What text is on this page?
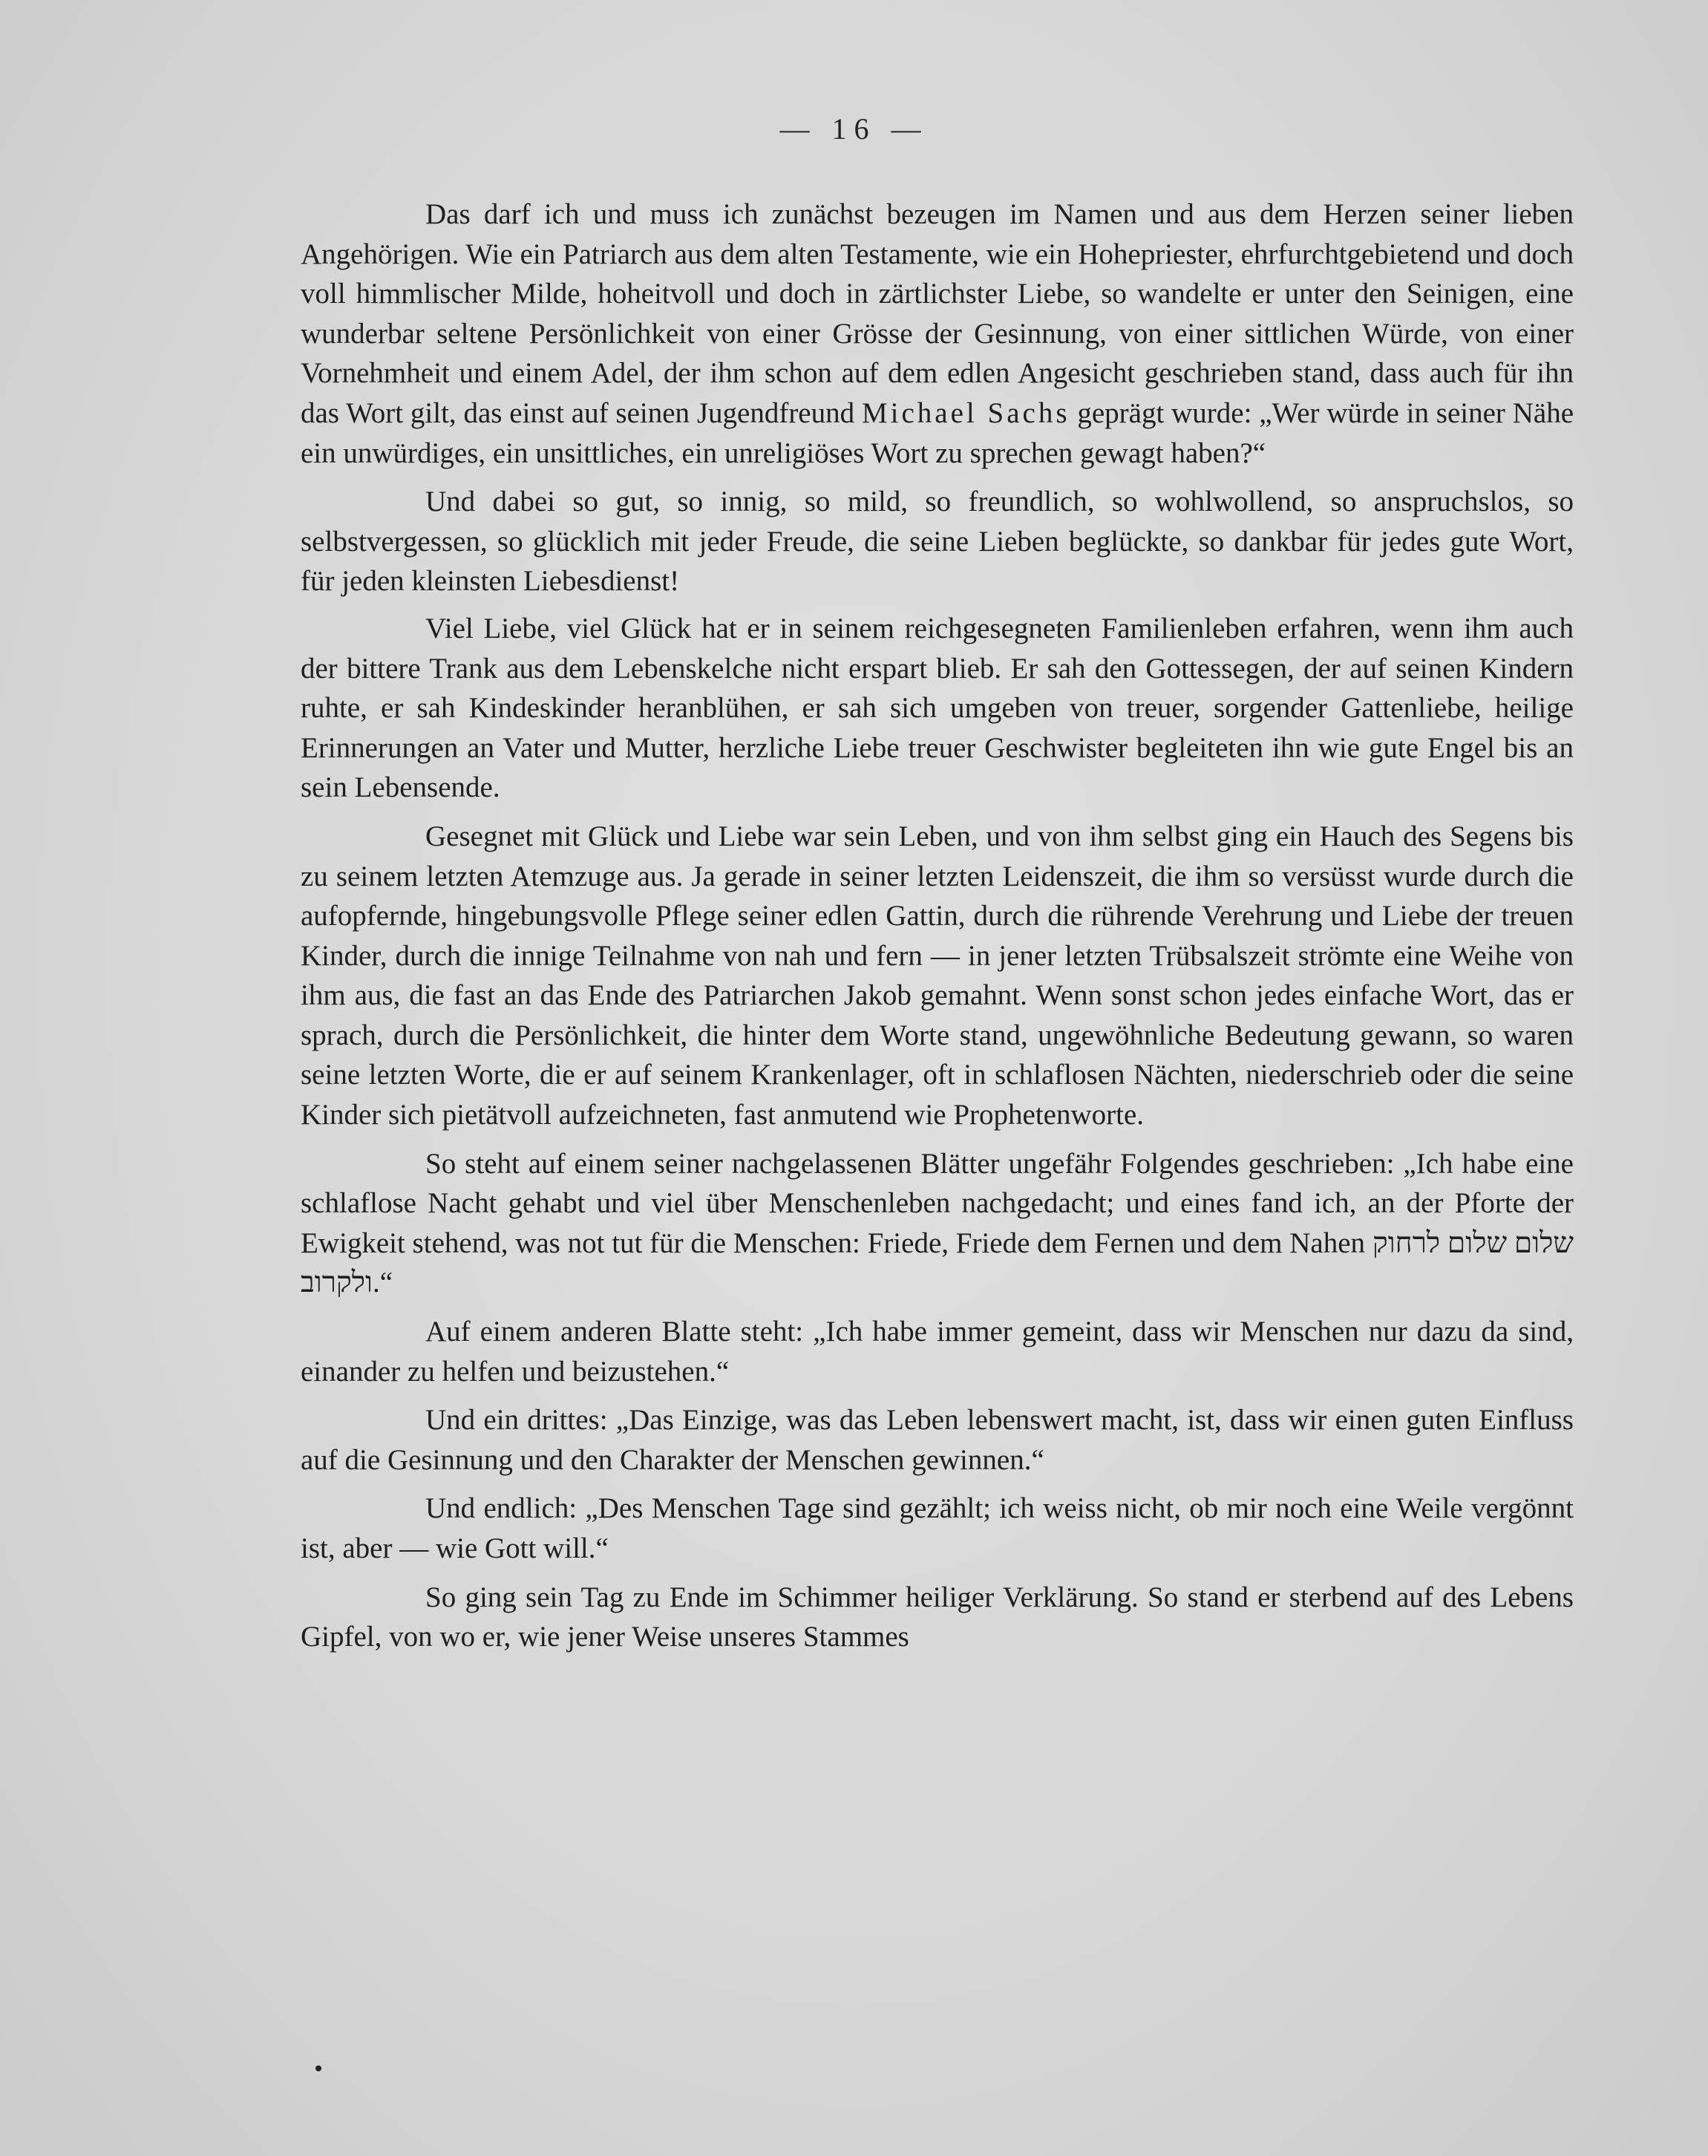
— 16 —

Das darf ich und muss ich zunächst bezeugen im Namen und aus dem Herzen seiner lieben Angehörigen. Wie ein Patriarch aus dem alten Testamente, wie ein Hohepriester, ehrfurchtgebietend und doch voll himmlischer Milde, hoheitvoll und doch in zärtlichster Liebe, so wandelte er unter den Seinigen, eine wunderbar seltene Persönlichkeit von einer Grösse der Gesinnung, von einer sittlichen Würde, von einer Vornehmheit und einem Adel, der ihm schon auf dem edlen Angesicht geschrieben stand, dass auch für ihn das Wort gilt, das einst auf seinen Jugendfreund Michael Sachs geprägt wurde: „Wer würde in seiner Nähe ein unwürdiges, ein unsittliches, ein unreligiöses Wort zu sprechen gewagt haben?“

Und dabei so gut, so innig, so mild, so freundlich, so wohlwollend, so anspruchslos, so selbstvergessen, so glücklich mit jeder Freude, die seine Lieben beglückte, so dankbar für jedes gute Wort, für jeden kleinsten Liebesdienst!

Viel Liebe, viel Glück hat er in seinem reichgesegneten Familienleben erfahren, wenn ihm auch der bittere Trank aus dem Lebenskelche nicht erspart blieb. Er sah den Gottessegen, der auf seinen Kindern ruhte, er sah Kindeskinder heranblühen, er sah sich umgeben von treuer, sorgender Gattenliebe, heilige Erinnerungen an Vater und Mutter, herzliche Liebe treuer Geschwister begleiteten ihn wie gute Engel bis an sein Lebensende.

Gesegnet mit Glück und Liebe war sein Leben, und von ihm selbst ging ein Hauch des Segens bis zu seinem letzten Atemzuge aus. Ja gerade in seiner letzten Leidenszeit, die ihm so versüsst wurde durch die aufopfernde, hingebungsvolle Pflege seiner edlen Gattin, durch die rührende Verehrung und Liebe der treuen Kinder, durch die innige Teilnahme von nah und fern — in jener letzten Trübsalszeit strömte eine Weihe von ihm aus, die fast an das Ende des Patriarchen Jakob gemahnt. Wenn sonst schon jedes einfache Wort, das er sprach, durch die Persönlichkeit, die hinter dem Worte stand, ungewöhnliche Bedeutung gewann, so waren seine letzten Worte, die er auf seinem Krankenlager, oft in schlaflosen Nächten, niederschrieb oder die seine Kinder sich pietätvoll aufzeichneten, fast anmutend wie Prophetenworte.

So steht auf einem seiner nachgelassenen Blätter ungefähr Folgendes geschrieben: „Ich habe eine schlaflose Nacht gehabt und viel über Menschenleben nachgedacht; und eines fand ich, an der Pforte der Ewigkeit stehend, was not tut für die Menschen: Friede, Friede dem Fernen und dem Nahen שלום שלום לרחוק ולקרוב.“

Auf einem anderen Blatte steht: „Ich habe immer gemeint, dass wir Menschen nur dazu da sind, einander zu helfen und beizustehen.“

Und ein drittes: „Das Einzige, was das Leben lebenswert macht, ist, dass wir einen guten Einfluss auf die Gesinnung und den Charakter der Menschen gewinnen.“

Und endlich: „Des Menschen Tage sind gezählt; ich weiss nicht, ob mir noch eine Weile vergönnt ist, aber — wie Gott will.“

So ging sein Tag zu Ende im Schimmer heiliger Verklärung. So stand er sterbend auf des Lebens Gipfel, von wo er, wie jener Weise unseres Stammes
